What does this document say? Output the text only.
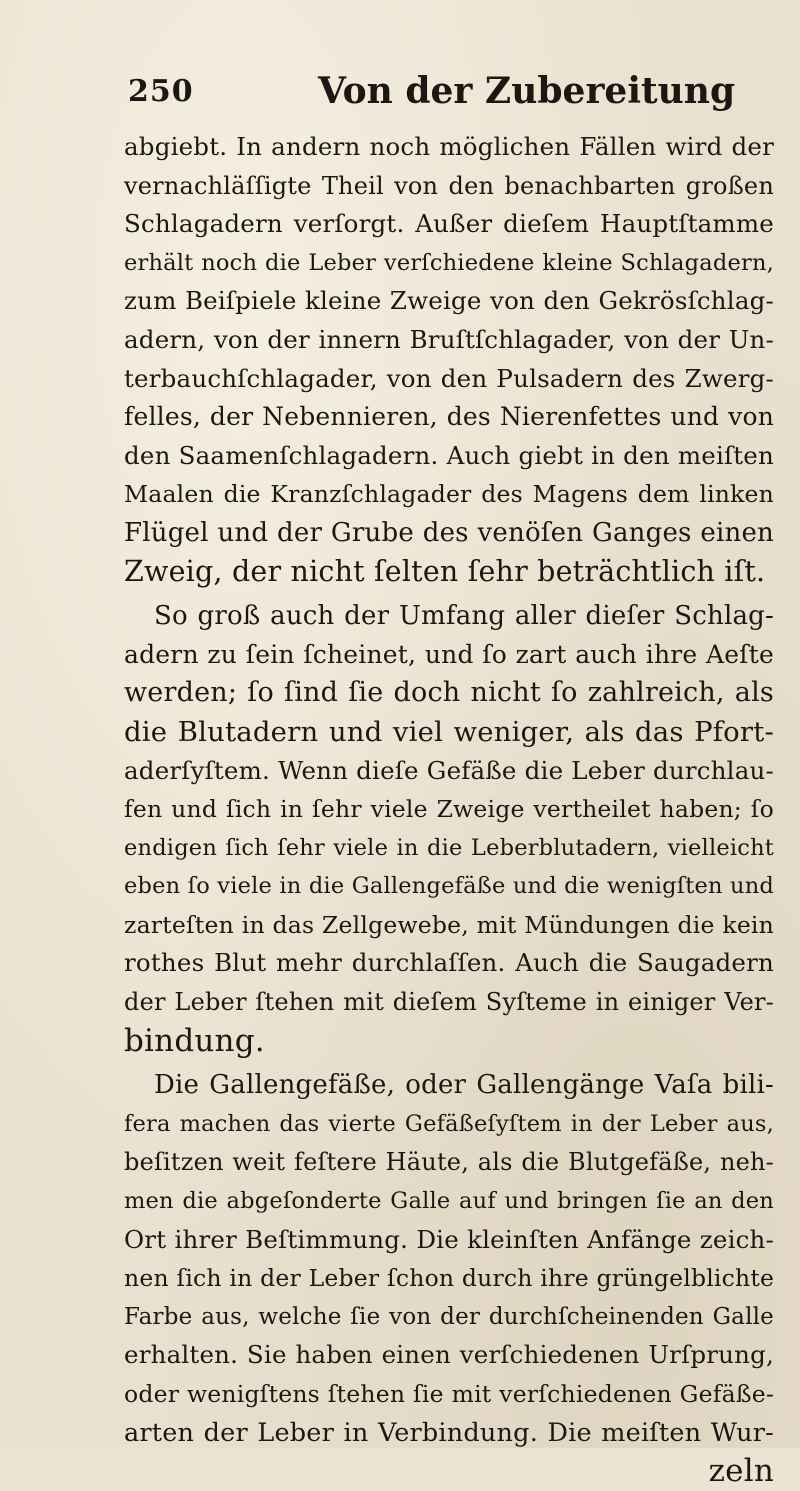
250	Von der Zubereitung
abgiebt. In andern noch möglichen Fällen wird der
vernachläſſigte Theil von den benachbarten großen
Schlagadern verſorgt. Außer dieſem Hauptſtamme
erhält noch die Leber verſchiedene kleine Schlagadern,
zum Beiſpiele kleine Zweige von den Gekrösſchlag-
adern, von der innern Bruſtſchlagader, von der Un-
terbauchſchlagader, von den Pulsadern des Zwerg-
felles, der Nebennieren, des Nierenfettes und von
den Saamenſchlagadern. Auch giebt in den meiſten
Maalen die Kranzſchlagader des Magens dem linken
Flügel und der Grube des venöſen Ganges einen
Zweig, der nicht ſelten ſehr beträchtlich iſt.
So groß auch der Umfang aller dieſer Schlag-
adern zu ſein ſcheinet, und ſo zart auch ihre Aeſte
werden; ſo ſind ſie doch nicht ſo zahlreich, als
die Blutadern und viel weniger, als das Pfort-
aderſyſtem. Wenn dieſe Gefäße die Leber durchlau-
fen und ſich in ſehr viele Zweige vertheilet haben; ſo
endigen ſich ſehr viele in die Leberblutadern, vielleicht
eben ſo viele in die Gallengefäße und die wenigſten und
zarteſten in das Zellgewebe, mit Mündungen die kein
rothes Blut mehr durchlaſſen. Auch die Saugadern
der Leber ſtehen mit dieſem Syſteme in einiger Ver-
bindung.
Die Gallengefäße, oder Gallengänge Vaſa bili-
fera machen das vierte Gefäßeſyſtem in der Leber aus,
beſitzen weit feſtere Häute, als die Blutgefäße, neh-
men die abgeſonderte Galle auf und bringen ſie an den
Ort ihrer Beſtimmung. Die kleinſten Anfänge zeich-
nen ſich in der Leber ſchon durch ihre grüngelblichte
Farbe aus, welche ſie von der durchſcheinenden Galle
erhalten. Sie haben einen verſchiedenen Urſprung,
oder wenigſtens ſtehen ſie mit verſchiedenen Gefäße-
arten der Leber in Verbindung. Die meiſten Wur-
zeln
